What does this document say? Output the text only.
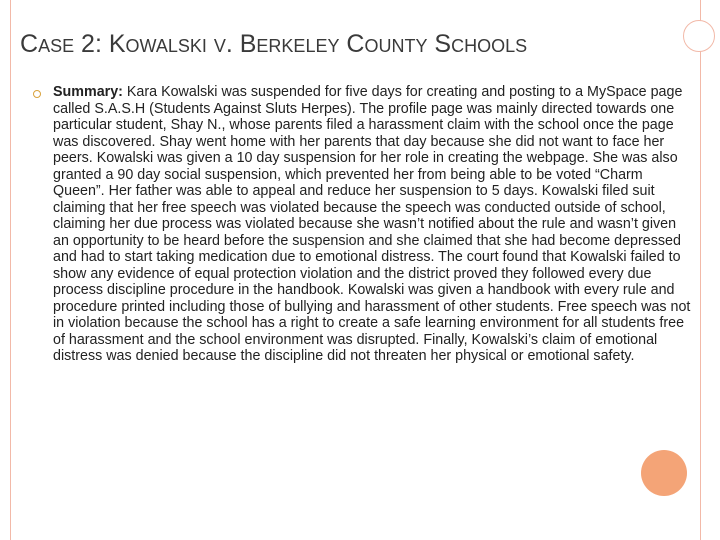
CASE 2: KOWALSKI V. BERKELEY COUNTY SCHOOLS
Summary: Kara Kowalski was suspended for five days for creating and posting to a MySpace page called S.A.S.H (Students Against Sluts Herpes). The profile page was mainly directed towards one particular student, Shay N., whose parents filed a harassment claim with the school once the page was discovered. Shay went home with her parents that day because she did not want to face her peers. Kowalski was given a 10 day suspension for her role in creating the webpage. She was also granted a 90 day social suspension, which prevented her from being able to be voted “Charm Queen”. Her father was able to appeal and reduce her suspension to 5 days. Kowalski filed suit claiming that her free speech was violated because the speech was conducted outside of school, claiming her due process was violated because she wasn’t notified about the rule and wasn’t given an opportunity to be heard before the suspension and she claimed that she had become depressed and had to start taking medication due to emotional distress. The court found that Kowalski failed to show any evidence of equal protection violation and the district proved they followed every due process discipline procedure in the handbook. Kowalski was given a handbook with every rule and procedure printed including those of bullying and harassment of other students. Free speech was not in violation because the school has a right to create a safe learning environment for all students free of harassment and the school environment was disrupted. Finally, Kowalski’s claim of emotional distress was denied because the discipline did not threaten her physical or emotional safety.
